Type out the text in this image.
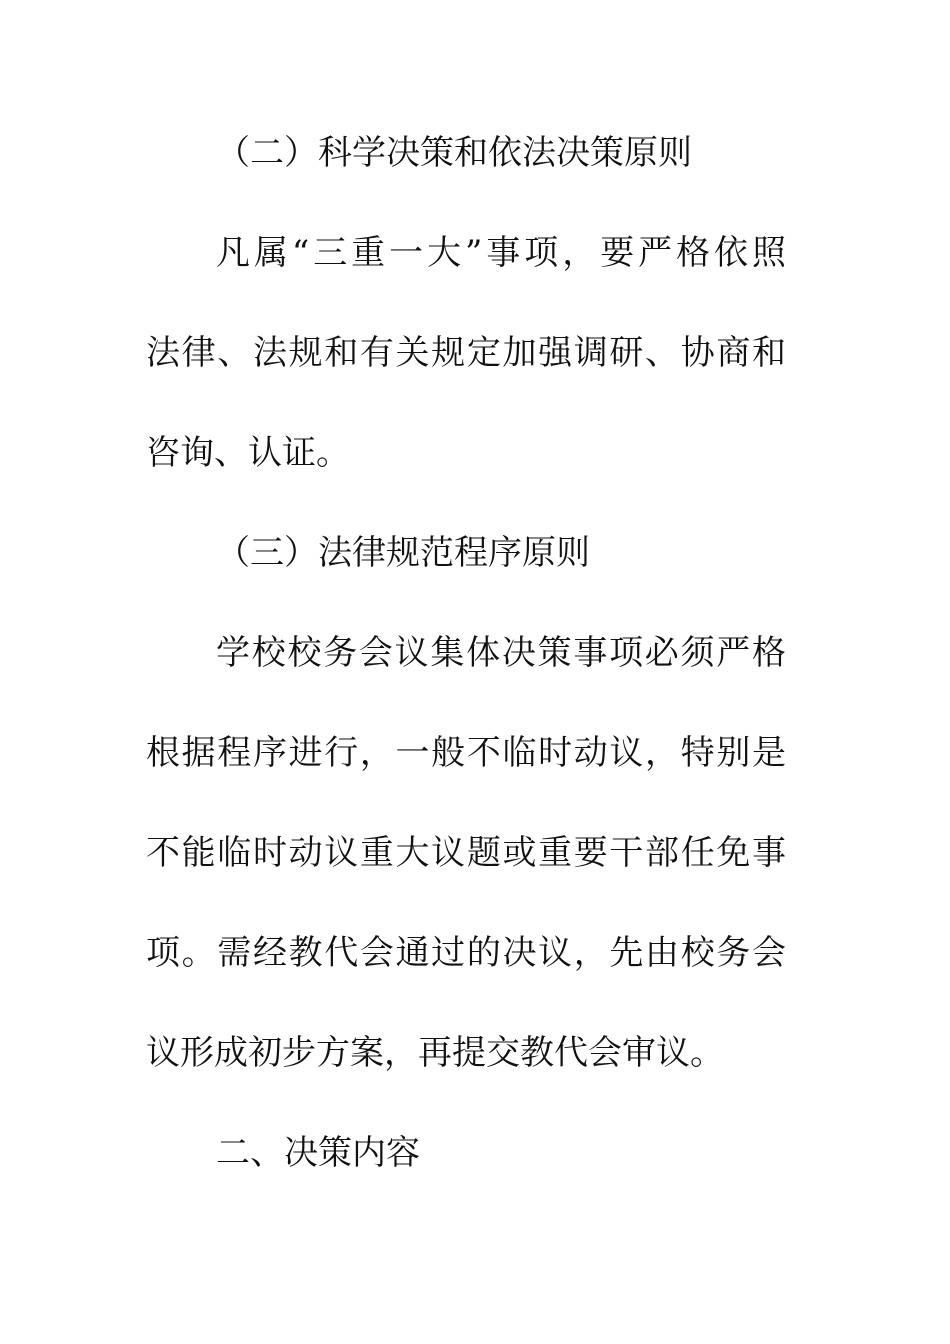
（二）科学决策和依法决策原则
凡属“三重一大”事项，要严格依照
法律、法规和有关规定加强调研、协商和
咨询、认证。
（三）法律规范程序原则
学校校务会议集体决策事项必须严格
根据程序进行，一般不临时动议，特别是
不能临时动议重大议题或重要干部任免事
项。需经教代会通过的决议，先由校务会
议形成初步方案，再提交教代会审议。
二、决策内容
